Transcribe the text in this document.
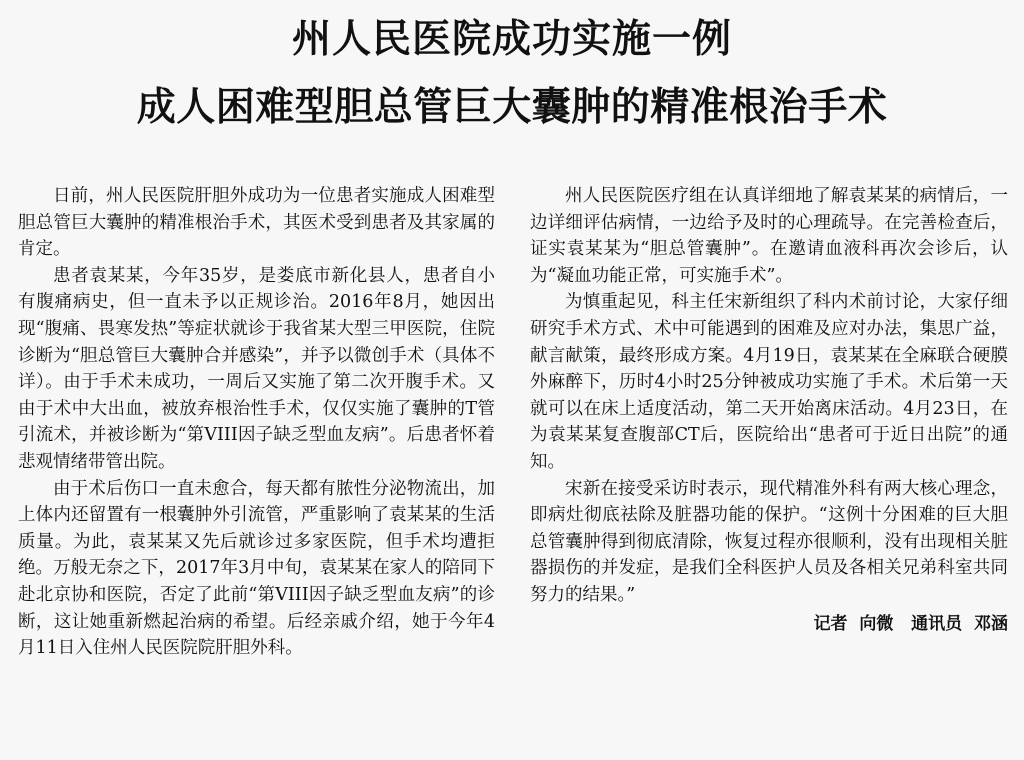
州人民医院成功实施一例
成人困难型胆总管巨大囊肿的精准根治手术

日前，州人民医院肝胆外成功为一位患者实施成人困难型胆总管巨大囊肿的精准根治手术，其医术受到患者及其家属的肯定。

患者袁某某，今年35岁，是娄底市新化县人，患者自小有腹痛病史，但一直未予以正规诊治。2016年8月，她因出现“腹痛、畏寒发热”等症状就诊于我省某大型三甲医院，住院诊断为“胆总管巨大囊肿合并感染”，并予以微创手术（具体不详）。由于手术未成功，一周后又实施了第二次开腹手术。又由于术中大出血，被放弃根治性手术，仅仅实施了囊肿的T管引流术，并被诊断为“第VIII因子缺乏型血友病”。后患者怀着悲观情绪带管出院。

由于术后伤口一直未愈合，每天都有脓性分泌物流出，加上体内还留置有一根囊肿外引流管，严重影响了袁某某的生活质量。为此，袁某某又先后就诊过多家医院，但手术均遭拒绝。万般无奈之下，2017年3月中旬，袁某某在家人的陪同下赴北京协和医院，否定了此前“第VIII因子缺乏型血友病”的诊断，这让她重新燃起治病的希望。后经亲戚介绍，她于今年4月11日入住州人民医院院肝胆外科。

州人民医院医疗组在认真详细地了解袁某某的病情后，一边详细评估病情，一边给予及时的心理疏导。在完善检查后，证实袁某某为“胆总管囊肿”。在邀请血液科再次会诊后，认为“凝血功能正常，可实施手术”。

为慎重起见，科主任宋新组织了科内术前讨论，大家仔细研究手术方式、术中可能遇到的困难及应对办法，集思广益，献言献策，最终形成方案。4月19日，袁某某在全麻联合硬膜外麻醉下，历时4小时25分钟被成功实施了手术。术后第一天就可以在床上适度活动，第二天开始离床活动。4月23日，在为袁某某复查腹部CT后，医院给出“患者可于近日出院”的通知。

宋新在接受采访时表示，现代精准外科有两大核心理念，即病灶彻底祛除及脏器功能的保护。“这例十分困难的巨大胆总管囊肿得到彻底清除，恢复过程亦很顺利，没有出现相关脏器损伤的并发症，是我们全科医护人员及各相关兄弟科室共同努力的结果。”

记者  向微   通讯员  邓涵
